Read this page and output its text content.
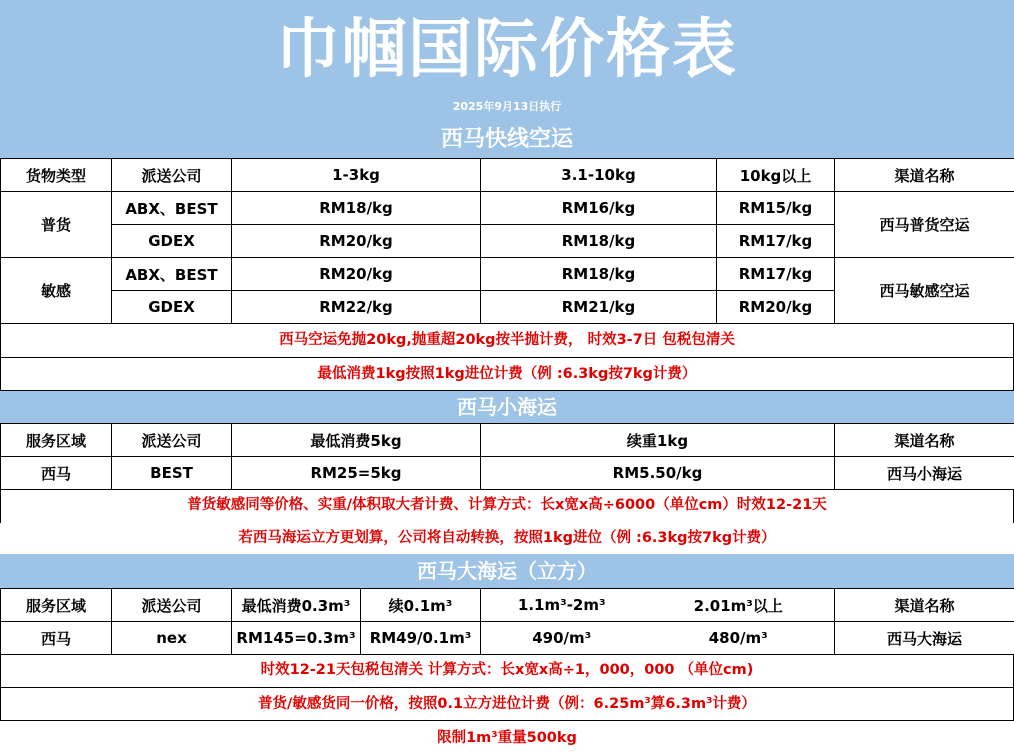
巾帼国际价格表
2025年9月13日执行
西马快线空运
货物类型	派送公司	1-3kg	3.1-10kg	10kg以上	渠道名称
普货	ABX、BEST	RM18/kg	RM16/kg	RM15/kg	西马普货空运
	GDEX	RM20/kg	RM18/kg	RM17/kg	
敏感	ABX、BEST	RM20/kg	RM18/kg	RM17/kg	西马敏感空运
	GDEX	RM22/kg	RM21/kg	RM20/kg	
西马空运免抛20kg,抛重超20kg按半抛计费， 时效3-7日 包税包清关
最低消费1kg按照1kg进位计费（例 :6.3kg按7kg计费）
西马小海运
服务区域	派送公司	最低消费5kg	续重1kg	渠道名称
西马	BEST	RM25=5kg	RM5.50/kg	西马小海运
普货敏感同等价格、实重/体积取大者计费、计算方式：长x宽x高÷6000（单位cm）时效12-21天
若西马海运立方更划算，公司将自动转换，按照1kg进位（例 :6.3kg按7kg计费）
西马大海运（立方）
服务区域	派送公司	最低消费0.3m³	续0.1m³	1.1m³-2m³	2.01m³以上	渠道名称
西马	nex	RM145=0.3m³	RM49/0.1m³	490/m³	480/m³	西马大海运
时效12-21天包税包清关 计算方式：长x宽x高÷1，000，000 （单位cm)
普货/敏感货同一价格，按照0.1立方进位计费（例：6.25m³算6.3m³计费）
限制1m³重量500kg
